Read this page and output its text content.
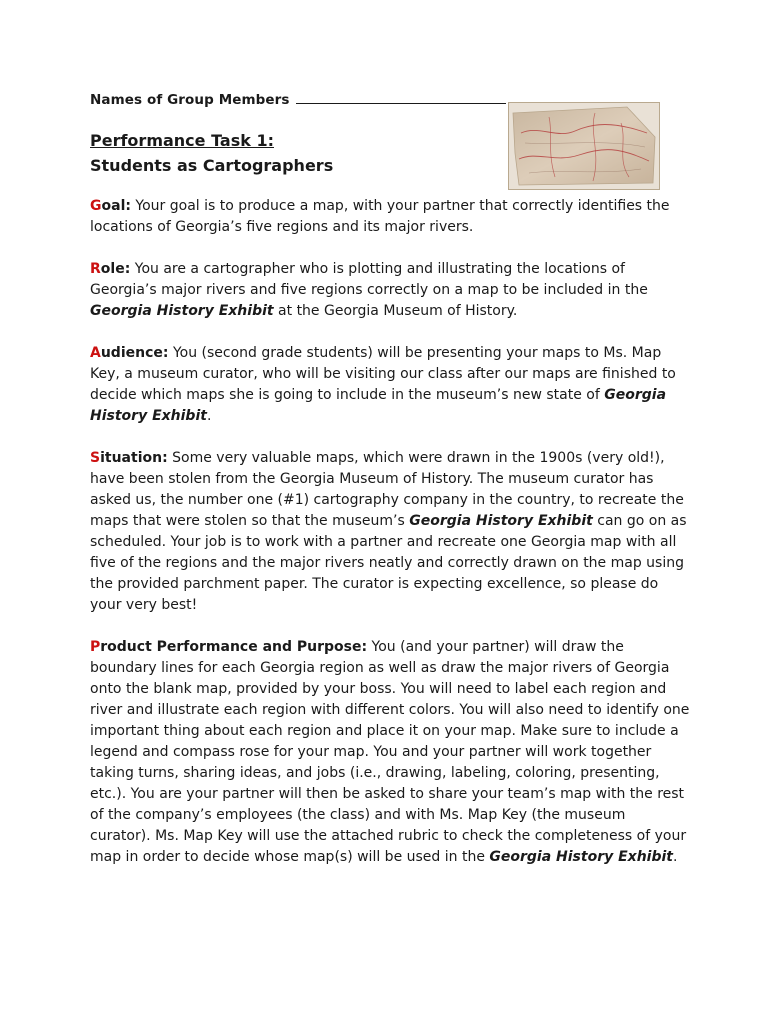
Names of Group Members
Performance Task 1:
Students as Cartographers

Goal: Your goal is to produce a map, with your partner that correctly identifies the locations of Georgia’s five regions and its major rivers.

Role: You are a cartographer who is plotting and illustrating the locations of Georgia’s major rivers and five regions correctly on a map to be included in the Georgia History Exhibit at the Georgia Museum of History.

Audience: You (second grade students) will be presenting your maps to Ms. Map Key, a museum curator, who will be visiting our class after our maps are finished to decide which maps she is going to include in the museum’s new state of Georgia History Exhibit.

Situation: Some very valuable maps, which were drawn in the 1900s (very old!), have been stolen from the Georgia Museum of History. The museum curator has asked us, the number one (#1) cartography company in the country, to recreate the maps that were stolen so that the museum’s Georgia History Exhibit can go on as scheduled. Your job is to work with a partner and recreate one Georgia map with all five of the regions and the major rivers neatly and correctly drawn on the map using the provided parchment paper. The curator is expecting excellence, so please do your very best!

Product Performance and Purpose: You (and your partner) will draw the boundary lines for each Georgia region as well as draw the major rivers of Georgia onto the blank map, provided by your boss. You will need to label each region and river and illustrate each region with different colors. You will also need to identify one important thing about each region and place it on your map. Make sure to include a legend and compass rose for your map. You and your partner will work together taking turns, sharing ideas, and jobs (i.e., drawing, labeling, coloring, presenting, etc.). You are your partner will then be asked to share your team’s map with the rest of the company’s employees (the class) and with Ms. Map Key (the museum curator). Ms. Map Key will use the attached rubric to check the completeness of your map in order to decide whose map(s) will be used in the Georgia History Exhibit.
